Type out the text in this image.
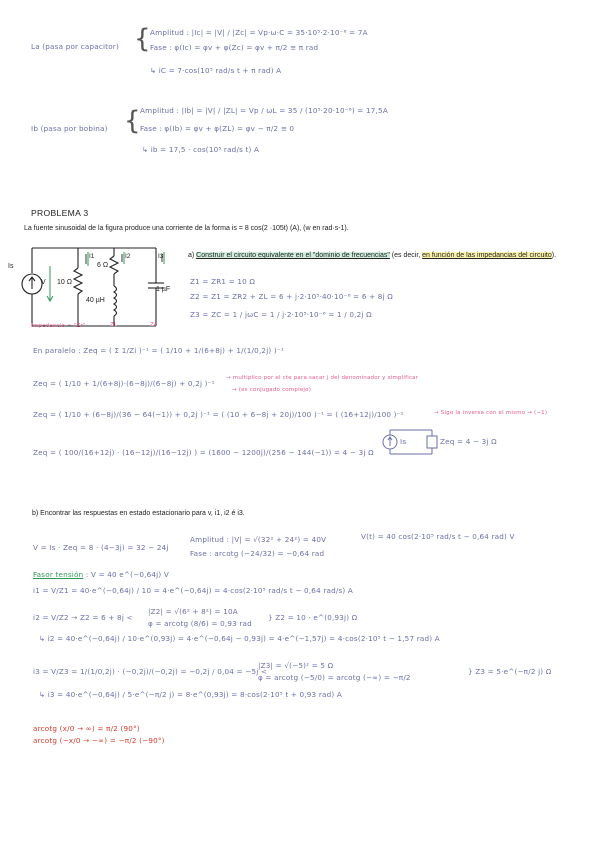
La (pasa por capacitor) { Amplitud : |Ic| = |V| / |Zc| = Vp·ω·C = 35·10⁵·2·10⁻⁶ = 7A
Fase : φ(Ic) = φv + φ(Zc) = φv + π/2 ≅ π rad
↳ iC = 7·cos(10⁵ rad/s t + π rad) A
Ib (pasa por bobina) { Amplitud : |Ib| = |V| / |ZL| = Vp / ωL = 35 / (10⁵·20·10⁻⁶) = 17,5A
Fase : φ(Ib) = φv + φ(ZL) = φv − π/2 ≅ 0
↳ ib = 17,5 · cos(10⁵ rad/s t) A
PROBLEMA 3
La fuente sinusoidal de la figura produce una corriente de la forma is = 8 cos(2 ·105t) (A), (w en rad·s-1).
Is
V 10 Ω
I1
6 Ω
40 µH
I2	I3
1 µF
Impedancia ~ "Zr"	ZL	Zc
a) Construir el circuito equivalente en el "dominio de frecuencias" (es decir, en función de las impedancias del circuito).
Z1 = ZR1 = 10 Ω
Z2 = Z1 = ZR2 + ZL = 6 + j·2·10⁵·40·10⁻⁶ = 6 + 8j Ω
Z3 = ZC = 1 / jωC = 1 / j·2·10⁵·10⁻⁶ = 1 / 0,2j Ω
En paralelo : Zeq = ( Σ 1/Zi )⁻¹ = ( 1/10 + 1/(6+8j) + 1/(1/0,2j) )⁻¹
Zeq = ( 1/10 + 1/(6+8j)·(6−8j)/(6−8j) + 0,2j )⁻¹
→ multiplico por el cte para sacar j del denominador y simplificar
→ (es conjugado complejo)
Zeq = ( 1/10 + (6−8j)/(36 − 64(−1)) + 0,2j )⁻¹ = ( (10 + 6−8j + 20j)/100 )⁻¹ = ( (16+12j)/100 )⁻¹	→ Sigo la inversa con el mismo → (−1)
Zeq = ( 100/(16+12j) · (16−12j)/(16−12j) ) = (1600 − 1200j)/(256 − 144(−1)) = 4 − 3j Ω
Is	Zeq = 4 − 3j Ω
b) Encontrar las respuestas en estado estacionario para v, i1, i2 é i3.
V = Is · Zeq = 8 · (4−3j) = 32 − 24j
Amplitud : |V| = √(32² + 24²) = 40V
Fase : arcotg (−24/32) = −0,64 rad
V(t) = 40 cos(2·10⁵ rad/s t − 0,64 rad) V
Fasor tensión : V = 40 e^(−0,64j) V
i1 = V/Z1 = 40·e^(−0,64j) / 10 = 4·e^(−0,64j) = 4·cos(2·10⁵ rad/s t − 0,64 rad/s) A
i2 = V/Z2 → Z2 = 6 + 8j <
|Z2| = √(6² + 8²) = 10A
φ = arcotg (8/6) = 0,93 rad
} Z2 = 10 · e^(0,93j) Ω
↳ i2 = 40·e^(−0,64j) / 10·e^(0,93j) = 4·e^(−0,64j − 0,93j) = 4·e^(−1,57j) = 4·cos(2·10⁵ t − 1,57 rad) A
i3 = V/Z3 = 1/(1/0,2j) · (−0,2j)/(−0,2j) = −0,2j / 0,04 = −5j <
|Z3| = √(−5)² = 5 Ω
φ = arcotg (−5/0) = arcotg (−∞) = −π/2
} Z3 = 5·e^(−π/2 j) Ω
↳ i3 = 40·e^(−0,64j) / 5·e^(−π/2 j) = 8·e^(0,93j) = 8·cos(2·10⁵ t + 0,93 rad) A
arcotg (x/0 → ∞) = π/2 (90°)
arcotg (−x/0 → −∞) = −π/2 (−90°)
